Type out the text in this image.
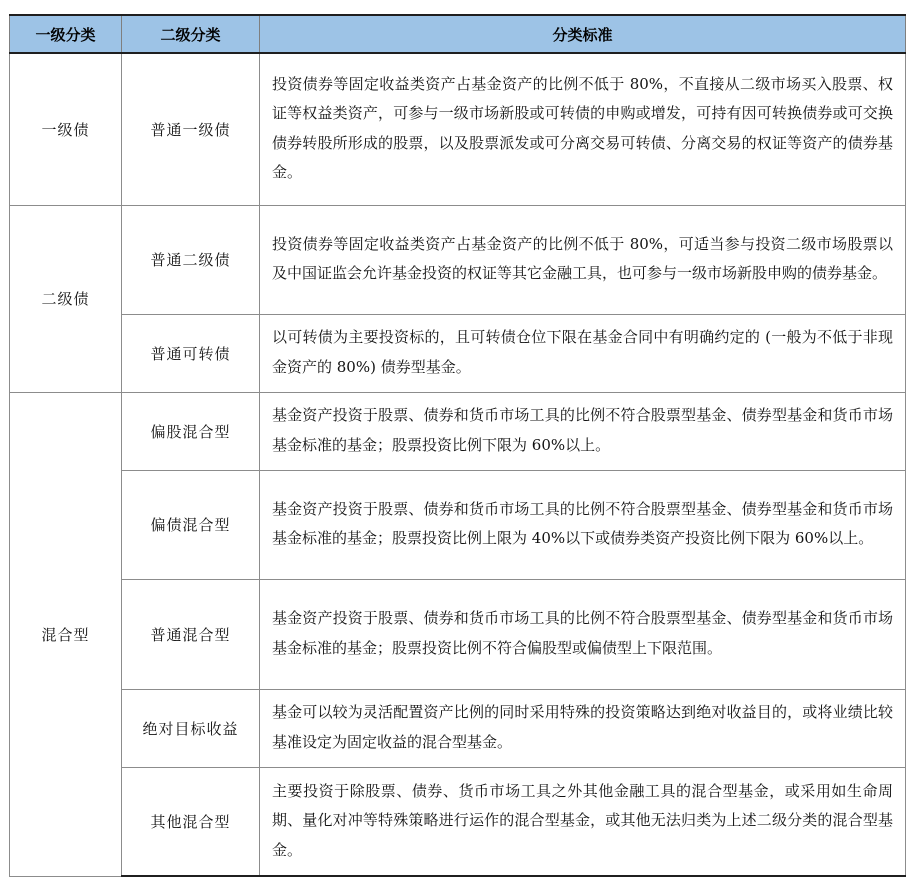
一级分类	二级分类	分类标准
一级债	普通一级债	投资债券等固定收益类资产占基金资产的比例不低于 80%，不直接从二级市场买入股票、权证等权益类资产，可参与一级市场新股或可转债的申购或增发，可持有因可转换债券或可交换债券转股所形成的股票，以及股票派发或可分离交易可转债、分离交易的权证等资产的债券基金。
二级债	普通二级债	投资债券等固定收益类资产占基金资产的比例不低于 80%，可适当参与投资二级市场股票以及中国证监会允许基金投资的权证等其它金融工具，也可参与一级市场新股申购的债券基金。
	普通可转债	以可转债为主要投资标的，且可转债仓位下限在基金合同中有明确约定的 (一般为不低于非现金资产的 80%) 债券型基金。
混合型	偏股混合型	基金资产投资于股票、债券和货币市场工具的比例不符合股票型基金、债券型基金和货币市场基金标准的基金；股票投资比例下限为 60%以上。
	偏债混合型	基金资产投资于股票、债券和货币市场工具的比例不符合股票型基金、债券型基金和货币市场基金标准的基金；股票投资比例上限为 40%以下或债券类资产投资比例下限为 60%以上。
	普通混合型	基金资产投资于股票、债券和货币市场工具的比例不符合股票型基金、债券型基金和货币市场基金标准的基金；股票投资比例不符合偏股型或偏债型上下限范围。
	绝对目标收益	基金可以较为灵活配置资产比例的同时采用特殊的投资策略达到绝对收益目的，或将业绩比较基准设定为固定收益的混合型基金。
	其他混合型	主要投资于除股票、债券、货币市场工具之外其他金融工具的混合型基金，或采用如生命周期、量化对冲等特殊策略进行运作的混合型基金，或其他无法归类为上述二级分类的混合型基金。
